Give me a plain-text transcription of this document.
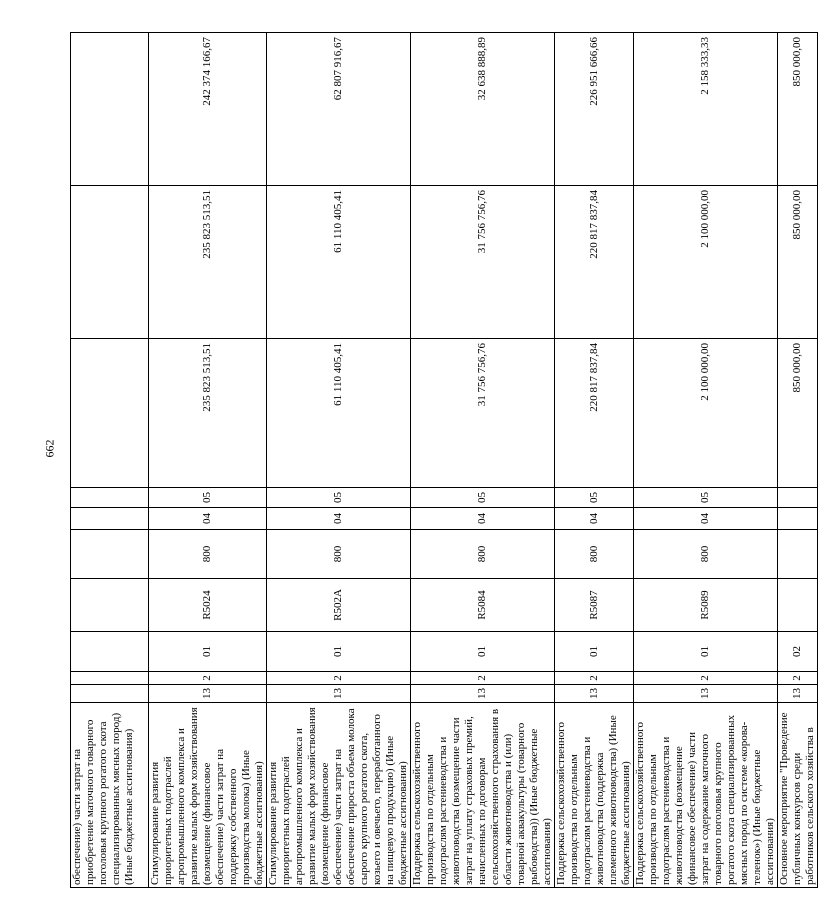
662
обеспечение) части затрат на приобретение маточного товарного поголовья крупного рогатого скота специализированных мясных пород) (Иные бюджетные ассигнования)										
Стимулирование развития приоритетных подотраслей агропромышленного комплекса и развитие малых форм хозяйствования (возмещение (финансовое обеспечение) части затрат на поддержку собственного производства молока) (Иные бюджетные ассигнования)	13	2	01	R5024	800	04	05	235 823 513,51	235 823 513,51	242 374 166,67
Стимулирование развития приоритетных подотраслей агропромышленного комплекса и развитие малых форм хозяйствования (возмещение (финансовое обеспечение) части затрат на обеспечение прироста объема молока сырого крупного рогатого скота, козьего и овечьего, переработанного на пищевую продукцию) (Иные бюджетные ассигнования)	13	2	01	R502A	800	04	05	61 110 405,41	61 110 405,41	62 807 916,67
Поддержка сельскохозяйственного производства по отдельным подотраслям растениеводства и животноводства (возмещение части затрат на уплату страховых премий, начисленных по договорам сельскохозяйственного страхования в области животноводства и (или) товарной аквакультуры (товарного рыбоводства)) (Иные бюджетные ассигнования)	13	2	01	R5084	800	04	05	31 756 756,76	31 756 756,76	32 638 888,89
Поддержка сельскохозяйственного производства по отдельным подотраслям растениеводства и животноводства (поддержка племенного животноводства) (Иные бюджетные ассигнования)	13	2	01	R5087	800	04	05	220 817 837,84	220 817 837,84	226 951 666,66
Поддержка сельскохозяйственного производства по отдельным подотраслям растениеводства и животноводства (возмещение (финансовое обеспечение) части затрат на содержание маточного товарного поголовья крупного рогатого скота специализированных мясных пород по системе «корова-теленок») (Иные бюджетные ассигнования)	13	2	01	R5089	800	04	05	2 100 000,00	2 100 000,00	2 158 333,33
Основное мероприятие "Проведение публичных конкурсов среди работников сельского хозяйства в	13	2	02					850 000,00	850 000,00	850 000,00
